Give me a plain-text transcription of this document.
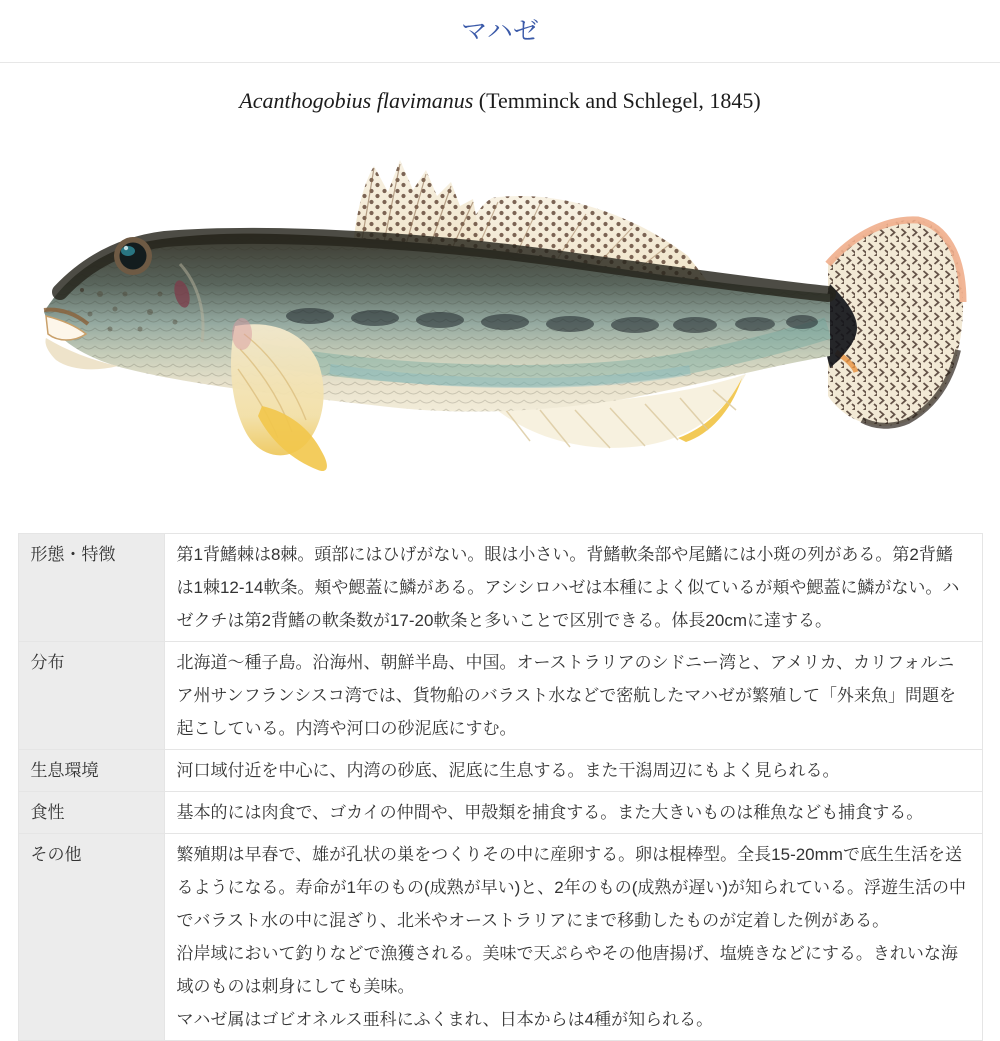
マハゼ
Acanthogobius flavimanus (Temminck and Schlegel, 1845)
形態・特徴	第1背鰭棘は8棘。頭部にはひげがない。眼は小さい。背鰭軟条部や尾鰭には小斑の列がある。第2背鰭は1棘12-14軟条。頬や鰓蓋に鱗がある。アシシロハゼは本種によく似ているが頬や鰓蓋に鱗がない。ハゼクチは第2背鰭の軟条数が17-20軟条と多いことで区別できる。体長20cmに達する。

分布	北海道〜種子島。沿海州、朝鮮半島、中国。オーストラリアのシドニー湾と、アメリカ、カリフォルニア州サンフランシスコ湾では、貨物船のバラスト水などで密航したマハゼが繁殖して「外来魚」問題を起こしている。内湾や河口の砂泥底にすむ。

生息環境	河口域付近を中心に、内湾の砂底、泥底に生息する。また干潟周辺にもよく見られる。

食性	基本的には肉食で、ゴカイの仲間や、甲殻類を捕食する。また大きいものは稚魚なども捕食する。

その他	繁殖期は早春で、雄が孔状の巣をつくりその中に産卵する。卵は棍棒型。全長15-20mmで底生生活を送るようになる。寿命が1年のもの(成熟が早い)と、2年のもの(成熟が遅い)が知られている。浮遊生活の中でバラスト水の中に混ざり、北米やオーストラリアにまで移動したものが定着した例がある。

沿岸域において釣りなどで漁獲される。美味で天ぷらやその他唐揚げ、塩焼きなどにする。きれいな海域のものは刺身にしても美味。

マハゼ属はゴビオネルス亜科にふくまれ、日本からは4種が知られる。
